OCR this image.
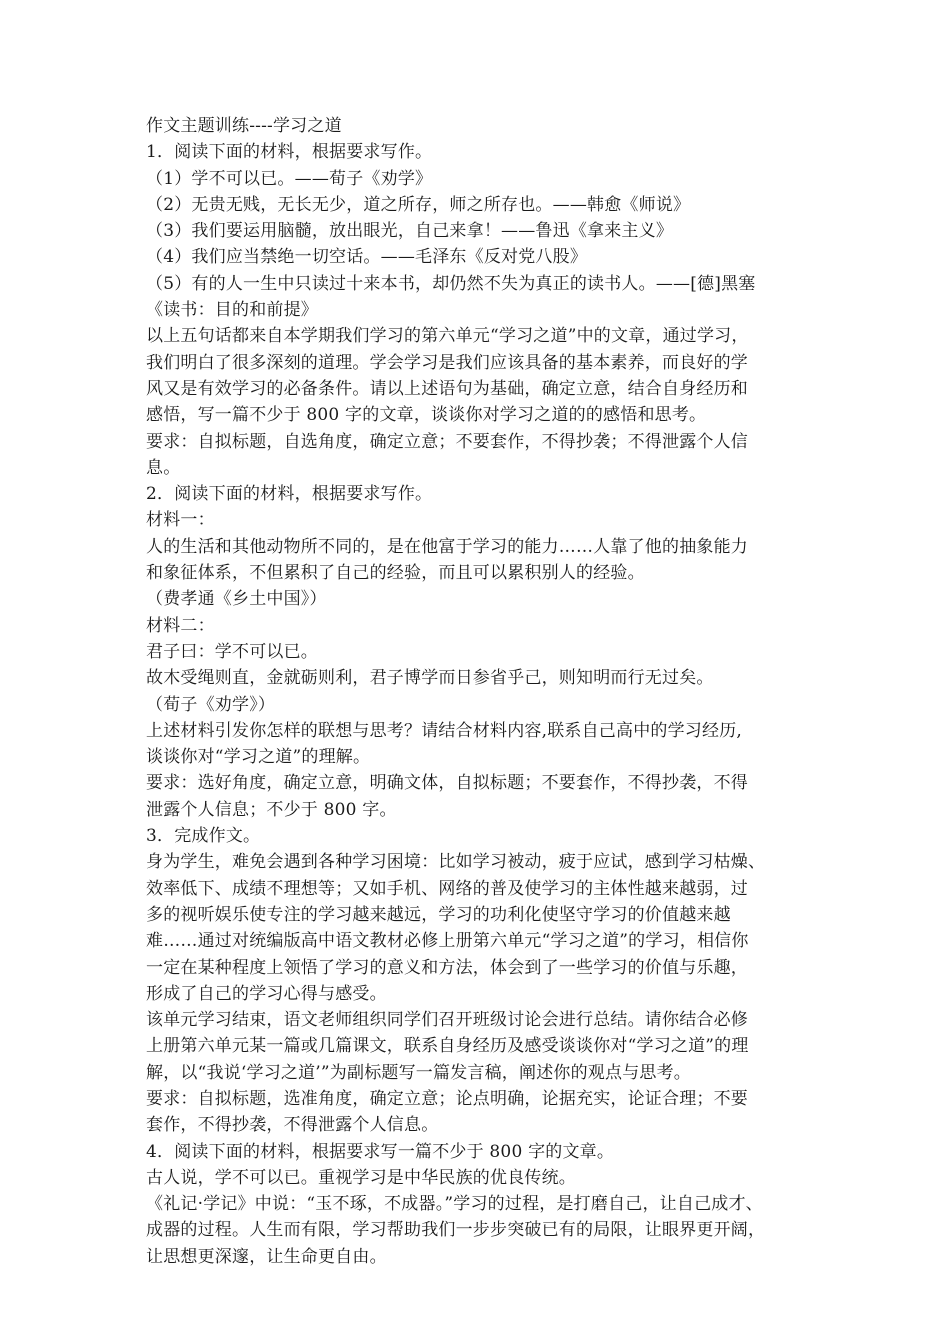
作文主题训练----学习之道
1．阅读下面的材料，根据要求写作。
（1）学不可以已。——荀子《劝学》
（2）无贵无贱，无长无少，道之所存，师之所存也。——韩愈《师说》
（3）我们要运用脑髓，放出眼光，自己来拿！——鲁迅《拿来主义》
（4）我们应当禁绝一切空话。——毛泽东《反对党八股》
（5）有的人一生中只读过十来本书，却仍然不失为真正的读书人。——[德]黑塞
《读书：目的和前提》
以上五句话都来自本学期我们学习的第六单元“学习之道”中的文章，通过学习，
我们明白了很多深刻的道理。学会学习是我们应该具备的基本素养，而良好的学
风又是有效学习的必备条件。请以上述语句为基础，确定立意，结合自身经历和
感悟，写一篇不少于 800 字的文章，谈谈你对学习之道的的感悟和思考。
要求：自拟标题，自选角度，确定立意；不要套作，不得抄袭；不得泄露个人信
息。
2．阅读下面的材料，根据要求写作。
材料一：
人的生活和其他动物所不同的，是在他富于学习的能力……人靠了他的抽象能力
和象征体系，不但累积了自己的经验，而且可以累积别人的经验。
（费孝通《乡土中国》）
材料二：
君子曰：学不可以已。
故木受绳则直，金就砺则利，君子博学而日参省乎己，则知明而行无过矣。
（荀子《劝学》）
上述材料引发你怎样的联想与思考？请结合材料内容,联系自己高中的学习经历,
谈谈你对“学习之道”的理解。
要求：选好角度，确定立意，明确文体，自拟标题；不要套作，不得抄袭，不得
泄露个人信息；不少于 800 字。
3．完成作文。
身为学生，难免会遇到各种学习困境：比如学习被动，疲于应试，感到学习枯燥、
效率低下、成绩不理想等；又如手机、网络的普及使学习的主体性越来越弱，过
多的视听娱乐使专注的学习越来越远，学习的功利化使坚守学习的价值越来越
难……通过对统编版高中语文教材必修上册第六单元“学习之道”的学习，相信你
一定在某种程度上领悟了学习的意义和方法，体会到了一些学习的价值与乐趣，
形成了自己的学习心得与感受。
该单元学习结束，语文老师组织同学们召开班级讨论会进行总结。请你结合必修
上册第六单元某一篇或几篇课文，联系自身经历及感受谈谈你对“学习之道”的理
解，以“我说‘学习之道’”为副标题写一篇发言稿，阐述你的观点与思考。
要求：自拟标题，选准角度，确定立意；论点明确，论据充实，论证合理；不要
套作，不得抄袭，不得泄露个人信息。
4．阅读下面的材料，根据要求写一篇不少于 800 字的文章。
古人说，学不可以已。重视学习是中华民族的优良传统。
《礼记·学记》中说：“玉不琢，不成器。”学习的过程，是打磨自己，让自己成才、
成器的过程。人生而有限，学习帮助我们一步步突破已有的局限，让眼界更开阔，
让思想更深邃，让生命更自由。
